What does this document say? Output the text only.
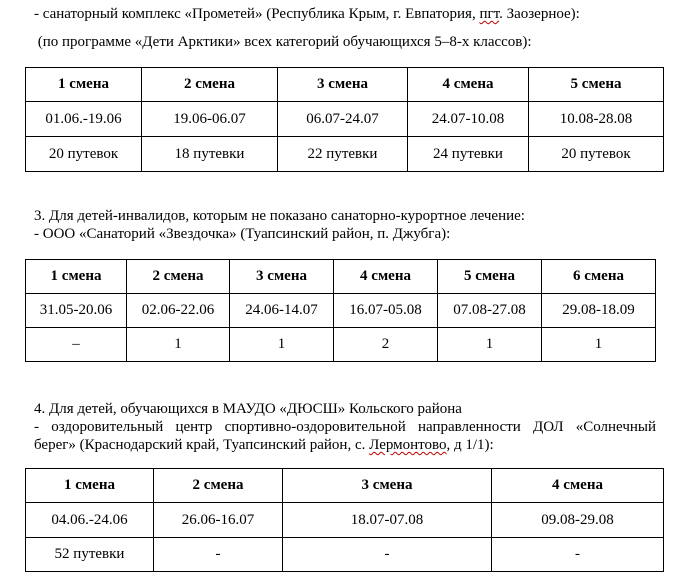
- санаторный комплекс «Прометей» (Республика Крым, г. Евпатория, пгт. Заозерное):
(по программе «Дети Арктики» всех категорий обучающихся 5–8-х классов):
1 смена	2 смена	3 смена	4 смена	5 смена
01.06.-19.06	19.06-06.07	06.07-24.07	24.07-10.08	10.08-28.08
20 путевок	18 путевки	22 путевки	24 путевки	20 путевок
3. Для детей-инвалидов, которым не показано санаторно-курортное лечение:
- ООО «Санаторий «Звездочка» (Туапсинский район, п. Джубга):
1 смена	2 смена	3 смена	4 смена	5 смена	6 смена
31.05-20.06	02.06-22.06	24.06-14.07	16.07-05.08	07.08-27.08	29.08-18.09
–	1	1	2	1	1
4. Для детей, обучающихся в МАУДО «ДЮСШ» Кольского района
- оздоровительный центр спортивно-оздоровительной направленности ДОЛ «Солнечный
берег» (Краснодарский край, Туапсинский район, с. Лермонтово, д 1/1):
1 смена	2 смена	3 смена	4 смена
04.06.-24.06	26.06-16.07	18.07-07.08	09.08-29.08
52 путевки	-	-	-
